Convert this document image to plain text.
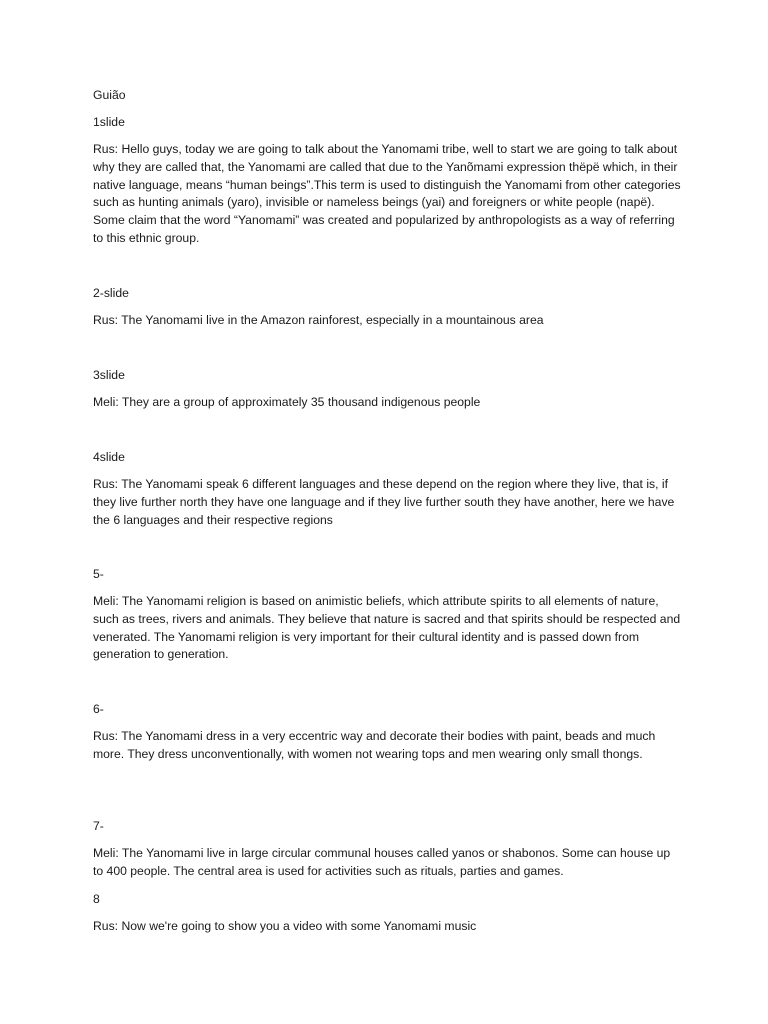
Guião

1slide

Rus: Hello guys, today we are going to talk about the Yanomami tribe, well to start we are going to talk about why they are called that, the Yanomami are called that due to the Yanõmami expression thëpë which, in their native language, means “human beings”.This term is used to distinguish the Yanomami from other categories such as hunting animals (yaro), invisible or nameless beings (yai) and foreigners or white people (napë). Some claim that the word “Yanomami” was created and popularized by anthropologists as a way of referring to this ethnic group.

2-slide

Rus: The Yanomami live in the Amazon rainforest, especially in a mountainous area

3slide

Meli: They are a group of approximately 35 thousand indigenous people

4slide

Rus: The Yanomami speak 6 different languages and these depend on the region where they live, that is, if they live further north they have one language and if they live further south they have another, here we have the 6 languages and their respective regions

5-

Meli: The Yanomami religion is based on animistic beliefs, which attribute spirits to all elements of nature, such as trees, rivers and animals. They believe that nature is sacred and that spirits should be respected and venerated. The Yanomami religion is very important for their cultural identity and is passed down from generation to generation.

6-

Rus: The Yanomami dress in a very eccentric way and decorate their bodies with paint, beads and much more. They dress unconventionally, with women not wearing tops and men wearing only small thongs.

7-

Meli: The Yanomami live in large circular communal houses called yanos or shabonos. Some can house up to 400 people. The central area is used for activities such as rituals, parties and games.

8

Rus: Now we're going to show you a video with some Yanomami music
